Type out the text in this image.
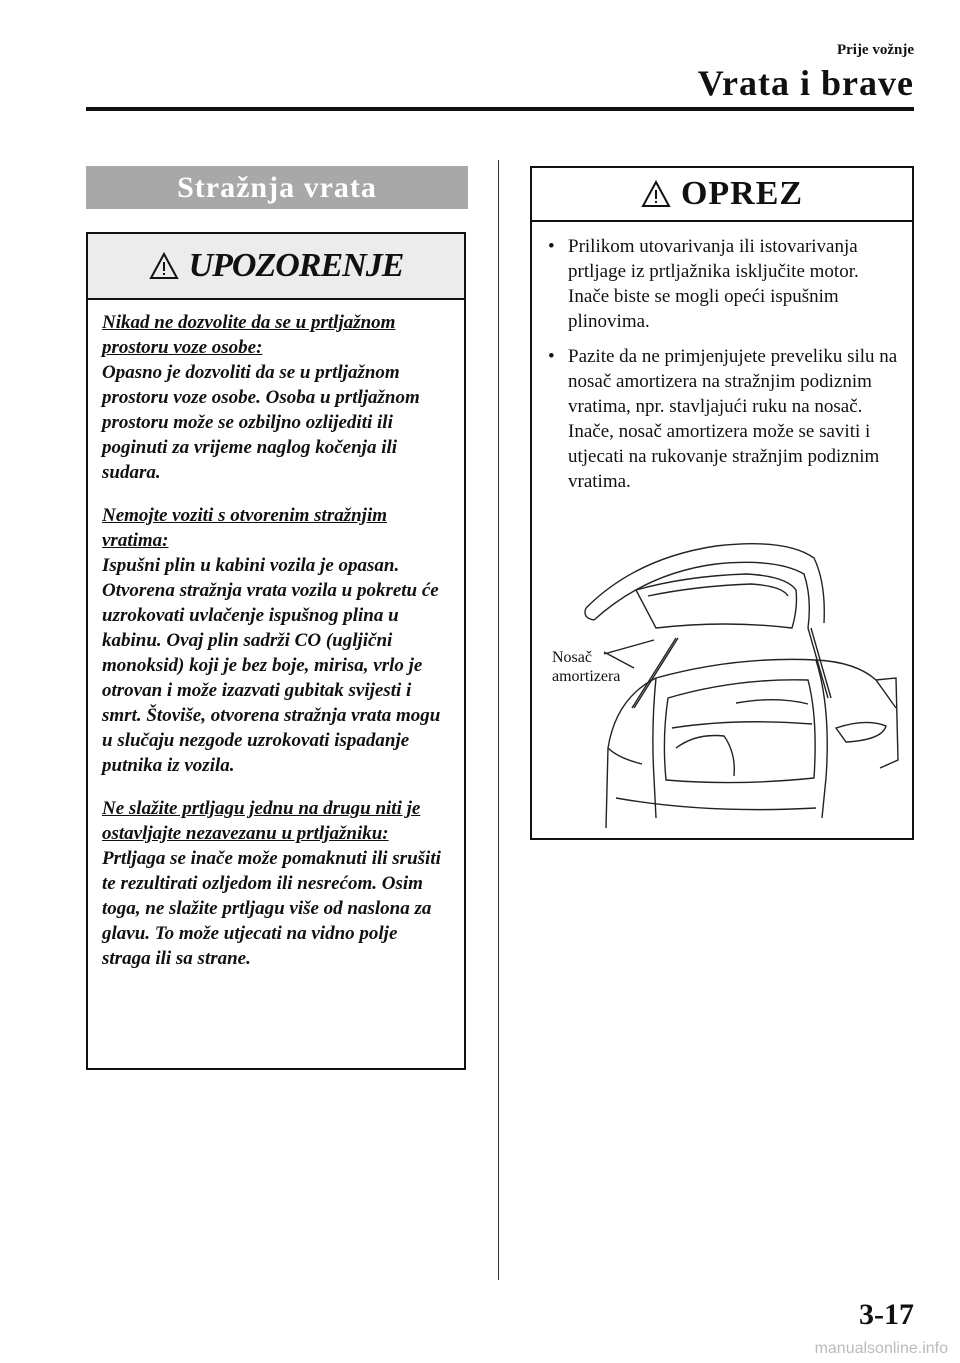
Prije vožnje
Vrata i brave
Stražnja vrata
UPOZORENJE

Nikad ne dozvolite da se u prtljažnom prostoru voze osobe:
Opasno je dozvoliti da se u prtljažnom prostoru voze osobe. Osoba u prtljažnom prostoru može se ozbiljno ozlijediti ili poginuti za vrijeme naglog kočenja ili sudara.

Nemojte voziti s otvorenim stražnjim vratima:
Ispušni plin u kabini vozila je opasan. Otvorena stražnja vrata vozila u pokretu će uzrokovati uvlačenje ispušnog plina u kabinu. Ovaj plin sadrži CO (ugljični monoksid) koji je bez boje, mirisa, vrlo je otrovan i može izazvati gubitak svijesti i smrt. Štoviše, otvorena stražnja vrata mogu u slučaju nezgode uzrokovati ispadanje putnika iz vozila.

Ne slažite prtljagu jednu na drugu niti je ostavljajte nezavezanu u prtljažniku:
Prtljaga se inače može pomaknuti ili srušiti te rezultirati ozljedom ili nesrećom. Osim toga, ne slažite prtljagu više od naslona za glavu. To može utjecati na vidno polje straga ili sa strane.

OPREZ
• Prilikom utovarivanja ili istovarivanja prtljage iz prtljažnika isključite motor. Inače biste se mogli opeći ispušnim plinovima.
• Pazite da ne primjenjujete preveliku silu na nosač amortizera na stražnjim podiznim vratima, npr. stavljajući ruku na nosač. Inače, nosač amortizera može se saviti i utjecati na rukovanje stražnjim podiznim vratima.
Nosač
amortizera
3-17
manualsonline.info
